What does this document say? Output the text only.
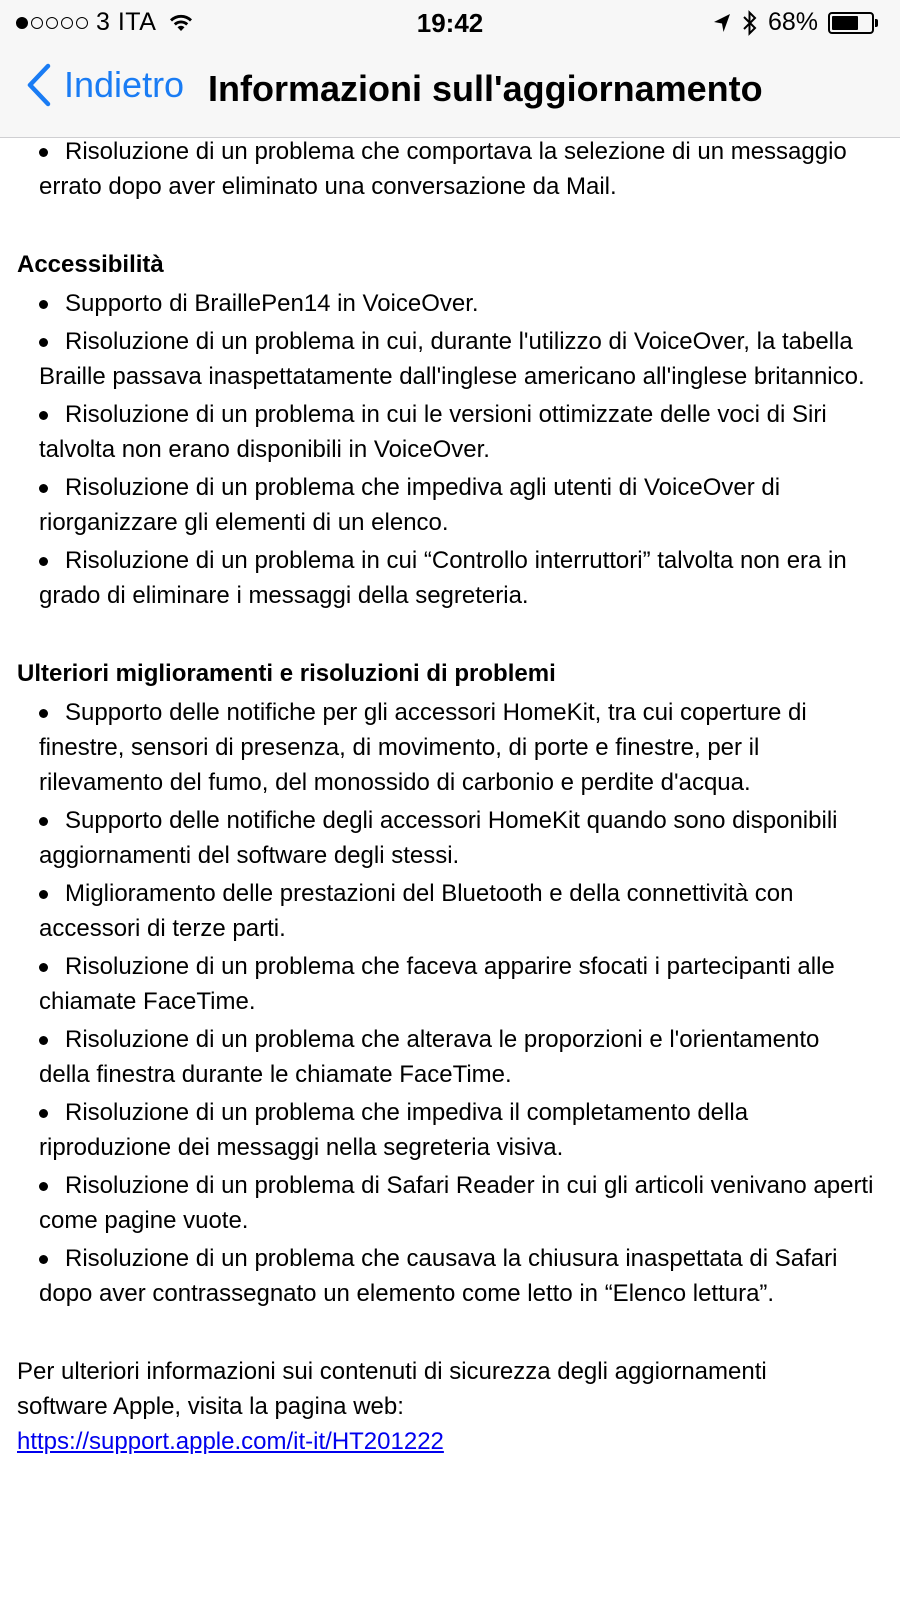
3 ITA	19:42	68%
Indietro Informazioni sull'aggiornamento
Risoluzione di un problema che comportava la selezione di un messaggio errato dopo aver eliminato una conversazione da Mail.
Accessibilità
Supporto di BraillePen14 in VoiceOver.
Risoluzione di un problema in cui, durante l'utilizzo di VoiceOver, la tabella Braille passava inaspettatamente dall'inglese americano all'inglese britannico.
Risoluzione di un problema in cui le versioni ottimizzate delle voci di Siri talvolta non erano disponibili in VoiceOver.
Risoluzione di un problema che impediva agli utenti di VoiceOver di riorganizzare gli elementi di un elenco.
Risoluzione di un problema in cui “Controllo interruttori” talvolta non era in grado di eliminare i messaggi della segreteria.
Ulteriori miglioramenti e risoluzioni di problemi
Supporto delle notifiche per gli accessori HomeKit, tra cui coperture di finestre, sensori di presenza, di movimento, di porte e finestre, per il rilevamento del fumo, del monossido di carbonio e perdite d'acqua.
Supporto delle notifiche degli accessori HomeKit quando sono disponibili aggiornamenti del software degli stessi.
Miglioramento delle prestazioni del Bluetooth e della connettività con accessori di terze parti.
Risoluzione di un problema che faceva apparire sfocati i partecipanti alle chiamate FaceTime.
Risoluzione di un problema che alterava le proporzioni e l'orientamento della finestra durante le chiamate FaceTime.
Risoluzione di un problema che impediva il completamento della riproduzione dei messaggi nella segreteria visiva.
Risoluzione di un problema di Safari Reader in cui gli articoli venivano aperti come pagine vuote.
Risoluzione di un problema che causava la chiusura inaspettata di Safari dopo aver contrassegnato un elemento come letto in “Elenco lettura”.
Per ulteriori informazioni sui contenuti di sicurezza degli aggiornamenti software Apple, visita la pagina web:
https://support.apple.com/it-it/HT201222
